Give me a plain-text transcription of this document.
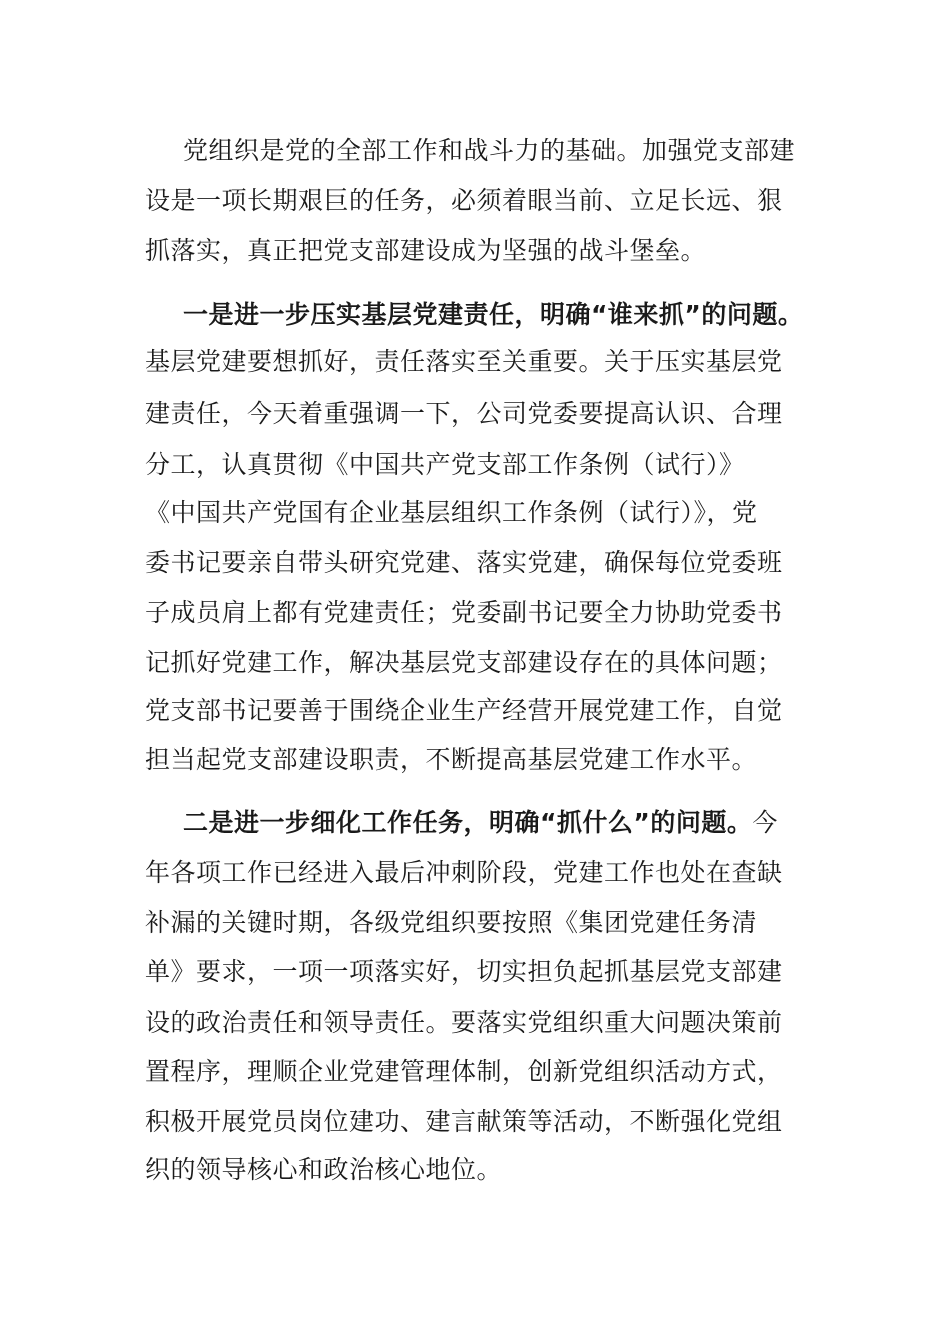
党组织是党的全部工作和战斗力的基础。加强党支部建
设是一项长期艰巨的任务，必须着眼当前、立足长远、狠
抓落实，真正把党支部建设成为坚强的战斗堡垒。
一是进一步压实基层党建责任，明确“谁来抓”的问题。
基层党建要想抓好，责任落实至关重要。关于压实基层党
建责任，今天着重强调一下，公司党委要提高认识、合理
分工，认真贯彻《中国共产党支部工作条例（试行）》
《中国共产党国有企业基层组织工作条例（试行）》，党
委书记要亲自带头研究党建、落实党建，确保每位党委班
子成员肩上都有党建责任；党委副书记要全力协助党委书
记抓好党建工作，解决基层党支部建设存在的具体问题；
党支部书记要善于围绕企业生产经营开展党建工作，自觉
担当起党支部建设职责，不断提高基层党建工作水平。
二是进一步细化工作任务，明确“抓什么”的问题。今
年各项工作已经进入最后冲刺阶段，党建工作也处在查缺
补漏的关键时期，各级党组织要按照《集团党建任务清
单》要求，一项一项落实好，切实担负起抓基层党支部建
设的政治责任和领导责任。要落实党组织重大问题决策前
置程序，理顺企业党建管理体制，创新党组织活动方式，
积极开展党员岗位建功、建言献策等活动，不断强化党组
织的领导核心和政治核心地位。
